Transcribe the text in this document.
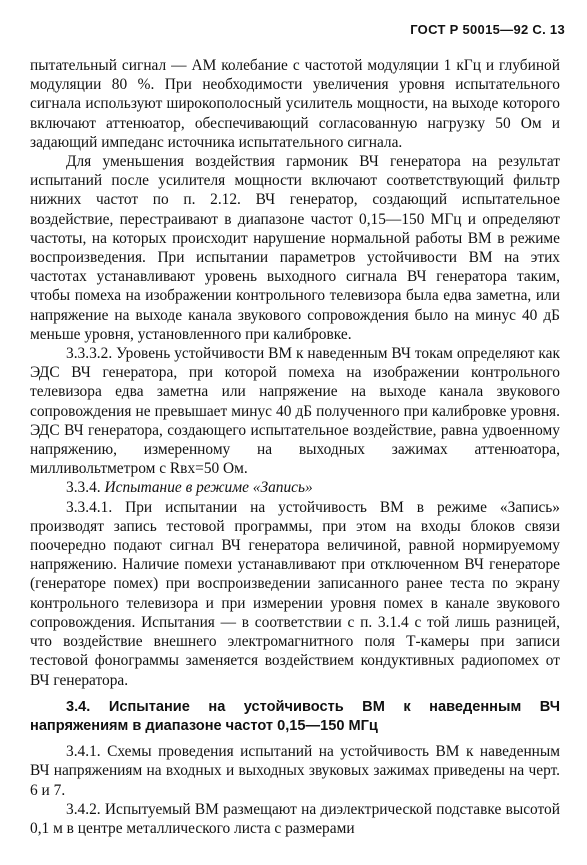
ГОСТ Р 50015—92 С. 13

пытательный сигнал — АМ колебание с частотой модуляции 1 кГц и глубиной модуляции 80 %. При необходимости увеличения уровня испытательного сигнала используют широкополосный усилитель мощности, на выходе которого включают аттенюатор, обеспечивающий согласованную нагрузку 50 Ом и задающий импеданс источника испытательного сигнала.

Для уменьшения воздействия гармоник ВЧ генератора на результат испытаний после усилителя мощности включают соответствующий фильтр нижних частот по п. 2.12. ВЧ генератор, создающий испытательное воздействие, перестраивают в диапазоне частот 0,15—150 МГц и определяют частоты, на которых происходит нарушение нормальной работы ВМ в режиме воспроизведения. При испытании параметров устойчивости ВМ на этих частотах устанавливают уровень выходного сигнала ВЧ генератора таким, чтобы помеха на изображении контрольного телевизора была едва заметна, или напряжение на выходе канала звукового сопровождения было на минус 40 дБ меньше уровня, установленного при калибровке.

3.3.3.2. Уровень устойчивости ВМ к наведенным ВЧ токам определяют как ЭДС ВЧ генератора, при которой помеха на изображении контрольного телевизора едва заметна или напряжение на выходе канала звукового сопровождения не превышает минус 40 дБ полученного при калибровке уровня. ЭДС ВЧ генератора, создающего испытательное воздействие, равна удвоенному напряжению, измеренному на выходных зажимах аттенюатора, милливольтметром с Rвх=50 Ом.

3.3.4. Испытание в режиме «Запись»

3.3.4.1. При испытании на устойчивость ВМ в режиме «Запись» производят запись тестовой программы, при этом на входы блоков связи поочередно подают сигнал ВЧ генератора величиной, равной нормируемому напряжению. Наличие помехи устанавливают при отключенном ВЧ генераторе (генераторе помех) при воспроизведении записанного ранее теста по экрану контрольного телевизора и при измерении уровня помех в канале звукового сопровождения. Испытания — в соответствии с п. 3.1.4 с той лишь разницей, что воздействие внешнего электромагнитного поля Т-камеры при записи тестовой фонограммы заменяется воздействием кондуктивных радиопомех от ВЧ генератора.

3.4. Испытание на устойчивость ВМ к наведенным ВЧ напряжениям в диапазоне частот 0,15—150 МГц

3.4.1. Схемы проведения испытаний на устойчивость ВМ к наведенным ВЧ напряжениям на входных и выходных звуковых зажимах приведены на черт. 6 и 7.

3.4.2. Испытуемый ВМ размещают на диэлектрической подставке высотой 0,1 м в центре металлического листа с размерами
